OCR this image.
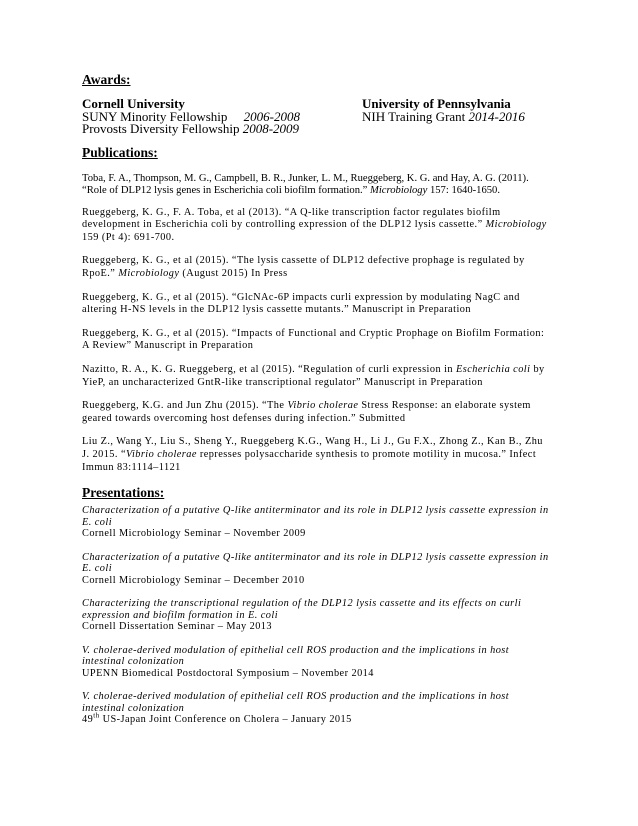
Awards:

Cornell University
SUNY Minority Fellowship 2006-2008
Provosts Diversity Fellowship 2008-2009
University of Pennsylvania
NIH Training Grant 2014-2016

Publications:

Toba, F. A., Thompson, M. G., Campbell, B. R., Junker, L. M., Rueggeberg, K. G. and Hay, A. G. (2011). “Role of DLP12 lysis genes in Escherichia coli biofilm formation.” Microbiology 157: 1640-1650.

Rueggeberg, K. G., F. A. Toba, et al (2013). “A Q-like transcription factor regulates biofilm development in Escherichia coli by controlling expression of the DLP12 lysis cassette.” Microbiology 159 (Pt 4): 691-700.

Rueggeberg, K. G., et al (2015). “The lysis cassette of DLP12 defective prophage is regulated by RpoE.” Microbiology (August 2015) In Press

Rueggeberg, K. G., et al (2015). “GlcNAc-6P impacts curli expression by modulating NagC and altering H-NS levels in the DLP12 lysis cassette mutants.” Manuscript in Preparation

Rueggeberg, K. G., et al (2015). “Impacts of Functional and Cryptic Prophage on Biofilm Formation: A Review” Manuscript in Preparation

Nazitto, R. A., K. G. Rueggeberg, et al (2015). “Regulation of curli expression in Escherichia coli by YieP, an uncharacterized GntR-like transcriptional regulator” Manuscript in Preparation

Rueggeberg, K.G. and Jun Zhu (2015). “The Vibrio cholerae Stress Response: an elaborate system geared towards overcoming host defenses during infection.” Submitted

Liu Z., Wang Y., Liu S., Sheng Y., Rueggeberg K.G., Wang H., Li J., Gu F.X., Zhong Z., Kan B., Zhu J. 2015. “Vibrio cholerae represses polysaccharide synthesis to promote motility in mucosa.” Infect Immun 83:1114–1121

Presentations:

Characterization of a putative Q-like antiterminator and its role in DLP12 lysis cassette expression in E. coli
Cornell Microbiology Seminar – November 2009

Characterization of a putative Q-like antiterminator and its role in DLP12 lysis cassette expression in E. coli
Cornell Microbiology Seminar – December 2010

Characterizing the transcriptional regulation of the DLP12 lysis cassette and its effects on curli expression and biofilm formation in E. coli
Cornell Dissertation Seminar – May 2013

V. cholerae-derived modulation of epithelial cell ROS production and the implications in host intestinal colonization
UPENN Biomedical Postdoctoral Symposium – November 2014

V. cholerae-derived modulation of epithelial cell ROS production and the implications in host intestinal colonization
49th US-Japan Joint Conference on Cholera – January 2015
